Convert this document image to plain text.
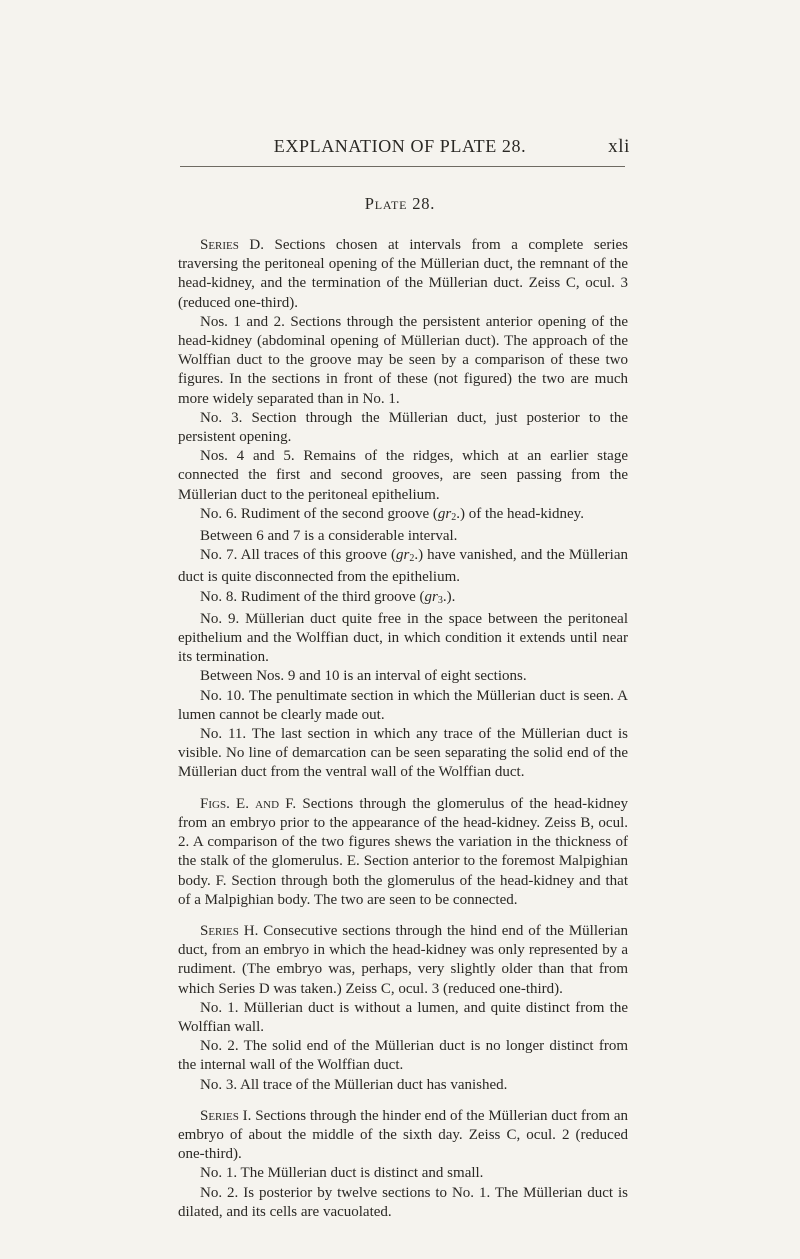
EXPLANATION OF PLATE 28.	xli
Plate 28.

Series D. Sections chosen at intervals from a complete series traversing the peritoneal opening of the Müllerian duct, the remnant of the head-kidney, and the termination of the Müllerian duct. Zeiss C, ocul. 3 (reduced one-third).

Nos. 1 and 2. Sections through the persistent anterior opening of the head-kidney (abdominal opening of Müllerian duct). The approach of the Wolffian duct to the groove may be seen by a comparison of these two figures. In the sections in front of these (not figured) the two are much more widely separated than in No. 1.

No. 3. Section through the Müllerian duct, just posterior to the persistent opening.

Nos. 4 and 5. Remains of the ridges, which at an earlier stage connected the first and second grooves, are seen passing from the Müllerian duct to the peritoneal epithelium.

No. 6. Rudiment of the second groove $(gr_2.)$ of the head-kidney.

Between 6 and 7 is a considerable interval.

No. 7. All traces of this groove $(gr_2.)$ have vanished, and the Müllerian duct is quite disconnected from the epithelium.

No. 8. Rudiment of the third groove $(gr_3.)$.

No. 9. Müllerian duct quite free in the space between the peritoneal epithelium and the Wolffian duct, in which condition it extends until near its termination.

Between Nos. 9 and 10 is an interval of eight sections.

No. 10. The penultimate section in which the Müllerian duct is seen. A lumen cannot be clearly made out.

No. 11. The last section in which any trace of the Müllerian duct is visible. No line of demarcation can be seen separating the solid end of the Müllerian duct from the ventral wall of the Wolffian duct.

Figs. E. and F. Sections through the glomerulus of the head-kidney from an embryo prior to the appearance of the head-kidney. Zeiss B, ocul. 2. A comparison of the two figures shews the variation in the thickness of the stalk of the glomerulus. E. Section anterior to the foremost Malpighian body. F. Section through both the glomerulus of the head-kidney and that of a Malpighian body. The two are seen to be connected.

Series H. Consecutive sections through the hind end of the Müllerian duct, from an embryo in which the head-kidney was only represented by a rudiment. (The embryo was, perhaps, very slightly older than that from which Series D was taken.) Zeiss C, ocul. 3 (reduced one-third).

No. 1. Müllerian duct is without a lumen, and quite distinct from the Wolffian wall.

No. 2. The solid end of the Müllerian duct is no longer distinct from the internal wall of the Wolffian duct.

No. 3. All trace of the Müllerian duct has vanished.

Series I. Sections through the hinder end of the Müllerian duct from an embryo of about the middle of the sixth day. Zeiss C, ocul. 2 (reduced one-third).

No. 1. The Müllerian duct is distinct and small.

No. 2. Is posterior by twelve sections to No. 1. The Müllerian duct is dilated, and its cells are vacuolated.
